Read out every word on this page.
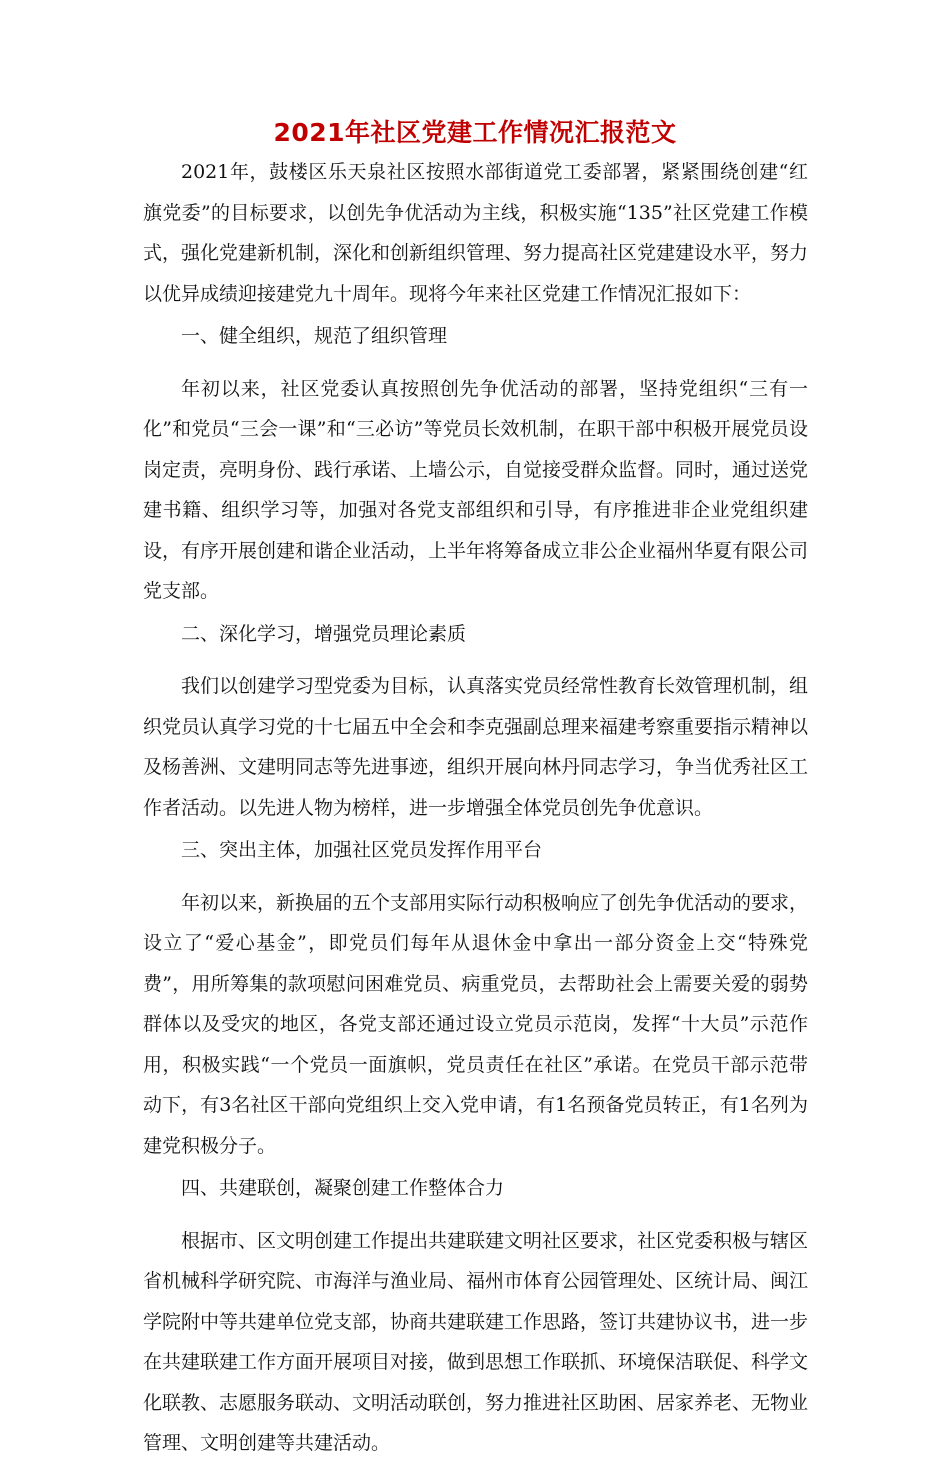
2021年社区党建工作情况汇报范文

2021年，鼓楼区乐天泉社区按照水部街道党工委部署，紧紧围绕创建“红旗党委”的目标要求，以创先争优活动为主线，积极实施“135”社区党建工作模式，强化党建新机制，深化和创新组织管理、努力提高社区党建建设水平，努力以优异成绩迎接建党九十周年。现将今年来社区党建工作情况汇报如下：

一、健全组织，规范了组织管理

年初以来，社区党委认真按照创先争优活动的部署，坚持党组织“三有一化”和党员“三会一课”和“三必访”等党员长效机制，在职干部中积极开展党员设岗定责，亮明身份、践行承诺、上墙公示，自觉接受群众监督。同时，通过送党建书籍、组织学习等，加强对各党支部组织和引导，有序推进非企业党组织建设，有序开展创建和谐企业活动，上半年将筹备成立非公企业福州华夏有限公司党支部。

二、深化学习，增强党员理论素质

我们以创建学习型党委为目标，认真落实党员经常性教育长效管理机制，组织党员认真学习党的十七届五中全会和李克强副总理来福建考察重要指示精神以及杨善洲、文建明同志等先进事迹，组织开展向林丹同志学习，争当优秀社区工作者活动。以先进人物为榜样，进一步增强全体党员创先争优意识。

三、突出主体，加强社区党员发挥作用平台

年初以来，新换届的五个支部用实际行动积极响应了创先争优活动的要求，设立了“爱心基金”，即党员们每年从退休金中拿出一部分资金上交“特殊党费”，用所筹集的款项慰问困难党员、病重党员，去帮助社会上需要关爱的弱势群体以及受灾的地区，各党支部还通过设立党员示范岗，发挥“十大员”示范作用，积极实践“一个党员一面旗帜，党员责任在社区”承诺。在党员干部示范带动下，有3名社区干部向党组织上交入党申请，有1名预备党员转正，有1名列为建党积极分子。

四、共建联创，凝聚创建工作整体合力

根据市、区文明创建工作提出共建联建文明社区要求，社区党委积极与辖区省机械科学研究院、市海洋与渔业局、福州市体育公园管理处、区统计局、闽江学院附中等共建单位党支部，协商共建联建工作思路，签订共建协议书，进一步在共建联建工作方面开展项目对接，做到思想工作联抓、环境保洁联促、科学文化联教、志愿服务联动、文明活动联创，努力推进社区助困、居家养老、无物业管理、文明创建等共建活动。
